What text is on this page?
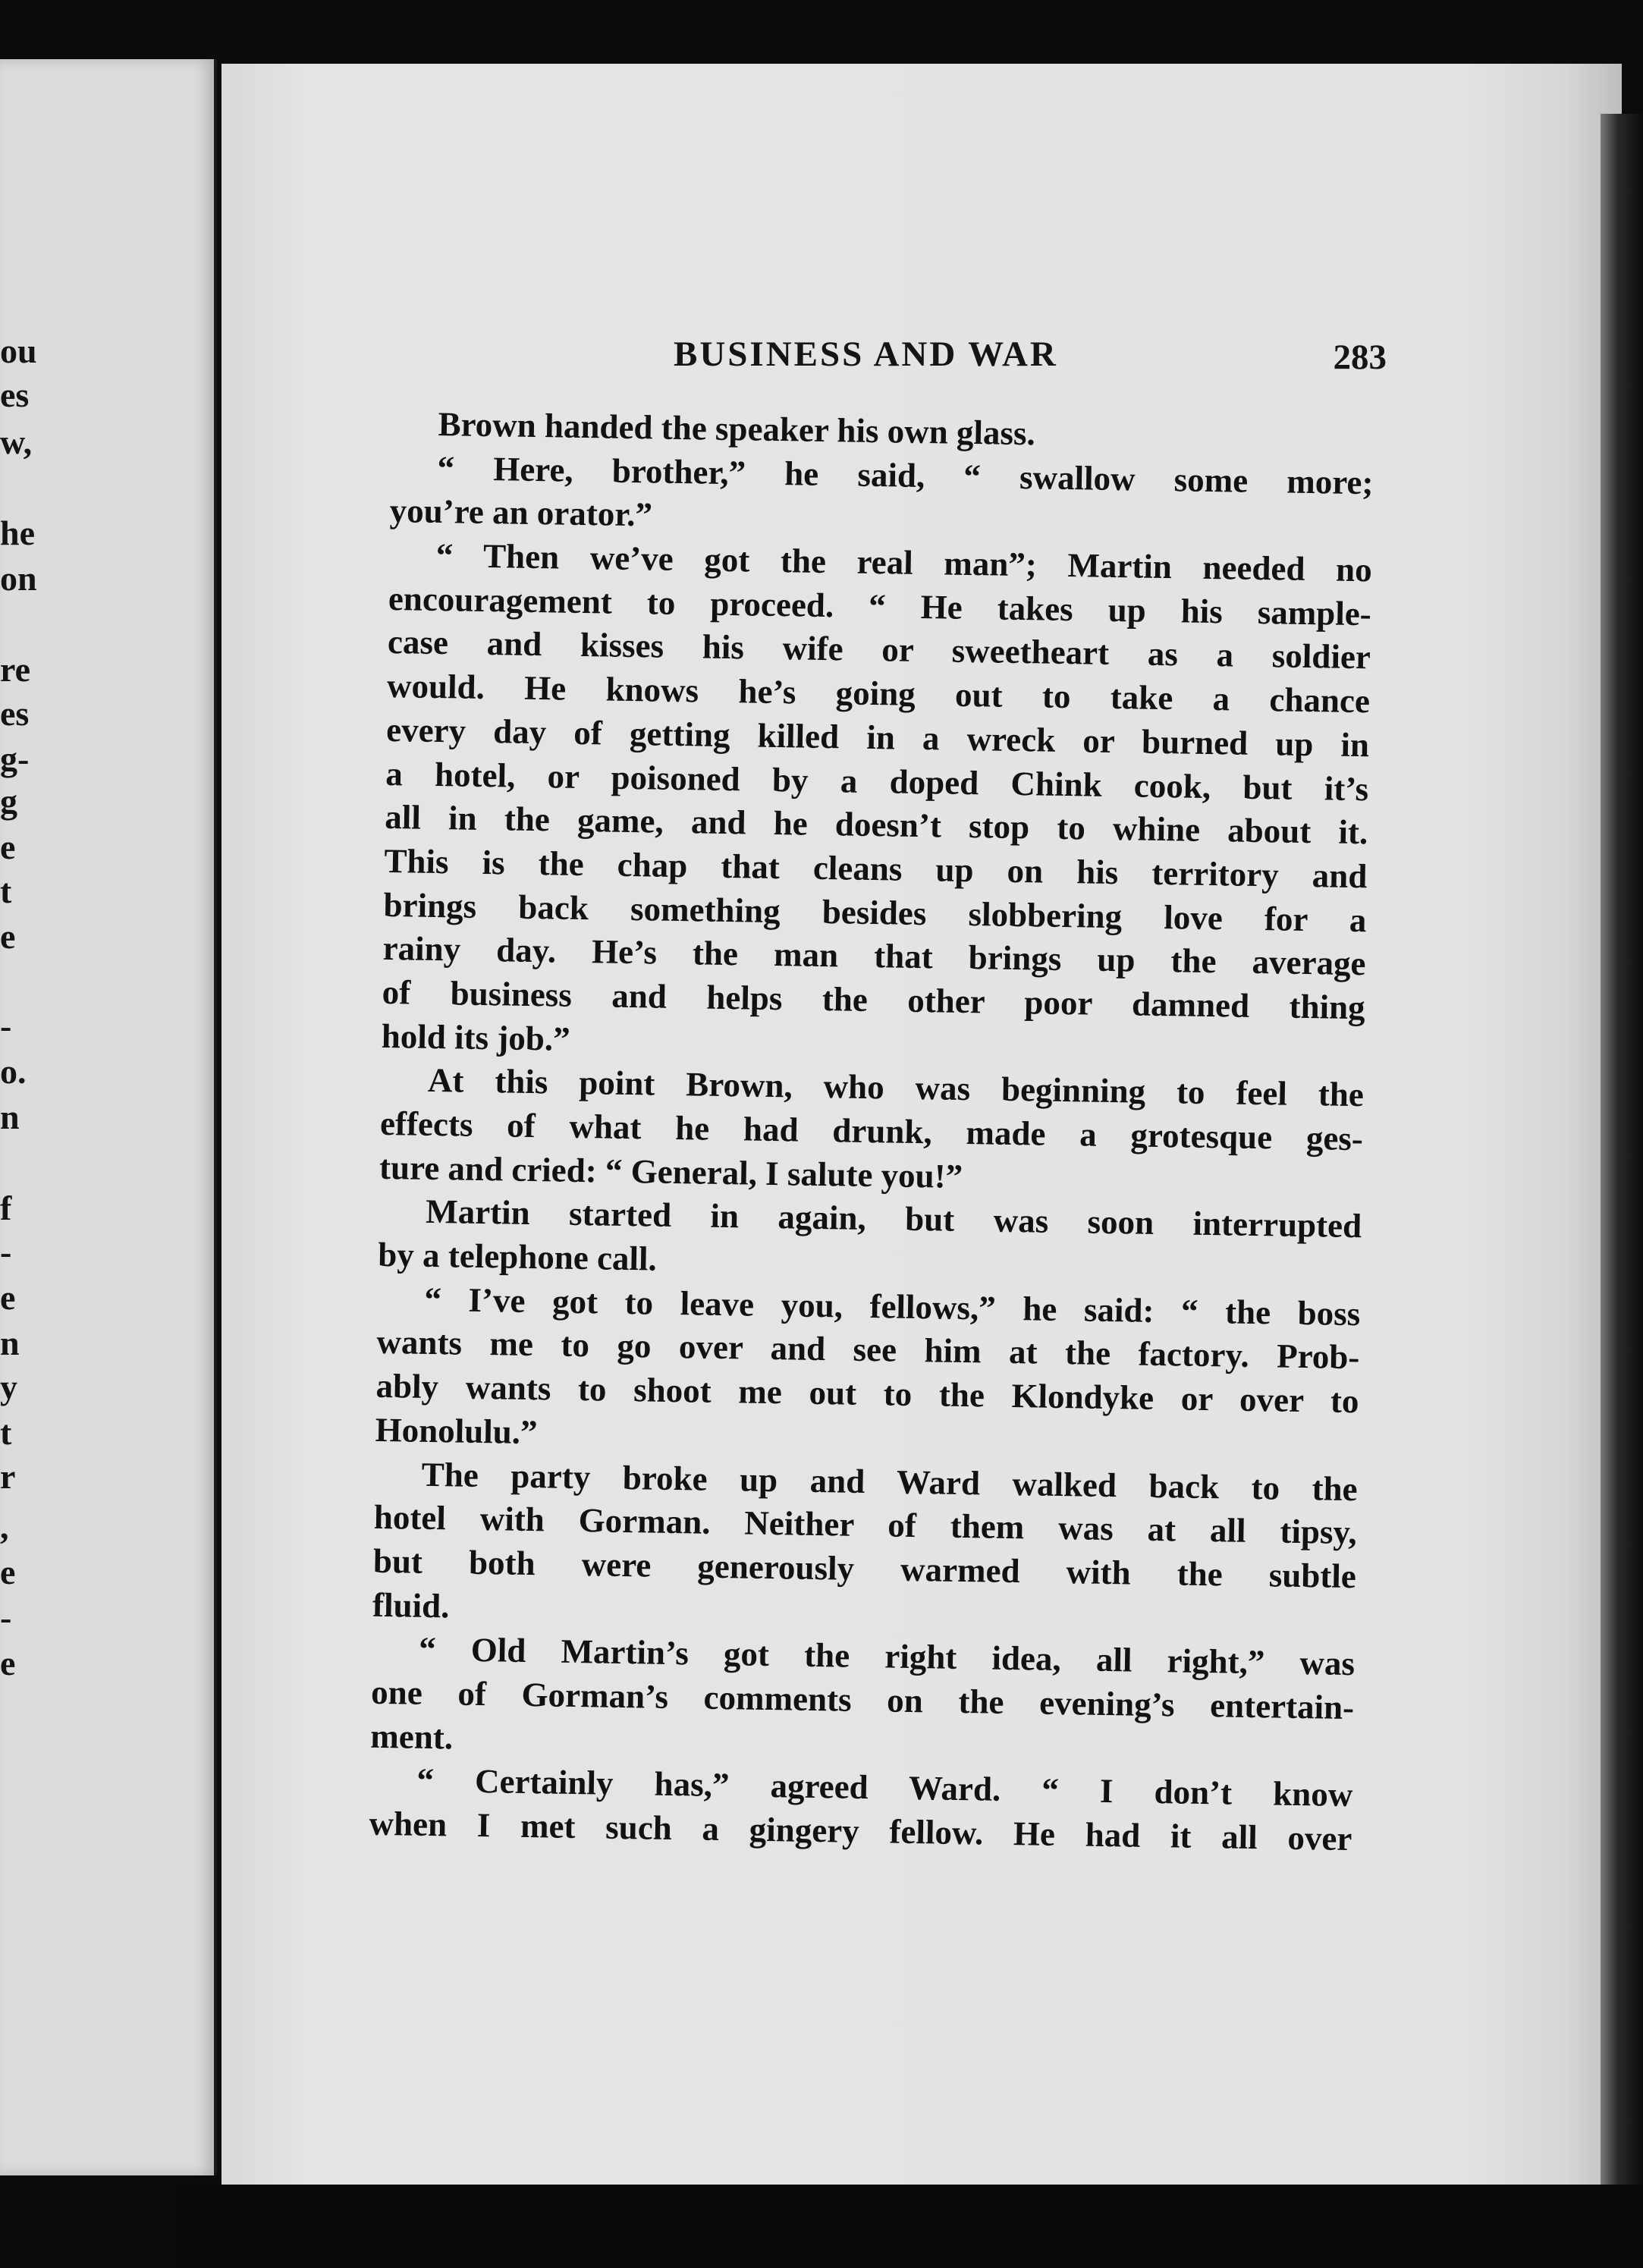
ou
es
w,
he
on
re
es
g-
g
e
t
e
-
o.
n
f
-
e
n
y
t
r
,
e
-
e
BUSINESS AND WAR	283
Brown handed the speaker his own glass.
“ Here, brother,” he said, “ swallow some more;
you’re an orator.”
“ Then we’ve got the real man”; Martin needed no
encouragement to proceed. “ He takes up his sample-
case and kisses his wife or sweetheart as a soldier
would. He knows he’s going out to take a chance
every day of getting killed in a wreck or burned up in
a hotel, or poisoned by a doped Chink cook, but it’s
all in the game, and he doesn’t stop to whine about it.
This is the chap that cleans up on his territory and
brings back something besides slobbering love for a
rainy day. He’s the man that brings up the average
of business and helps the other poor damned thing
hold its job.”
At this point Brown, who was beginning to feel the
effects of what he had drunk, made a grotesque ges-
ture and cried: “ General, I salute you!”
Martin started in again, but was soon interrupted
by a telephone call.
“ I’ve got to leave you, fellows,” he said: “ the boss
wants me to go over and see him at the factory. Prob-
ably wants to shoot me out to the Klondyke or over to
Honolulu.”
The party broke up and Ward walked back to the
hotel with Gorman. Neither of them was at all tipsy,
but both were generously warmed with the subtle
fluid.
“ Old Martin’s got the right idea, all right,” was
one of Gorman’s comments on the evening’s entertain-
ment.
“ Certainly has,” agreed Ward. “ I don’t know
when I met such a gingery fellow. He had it all over
